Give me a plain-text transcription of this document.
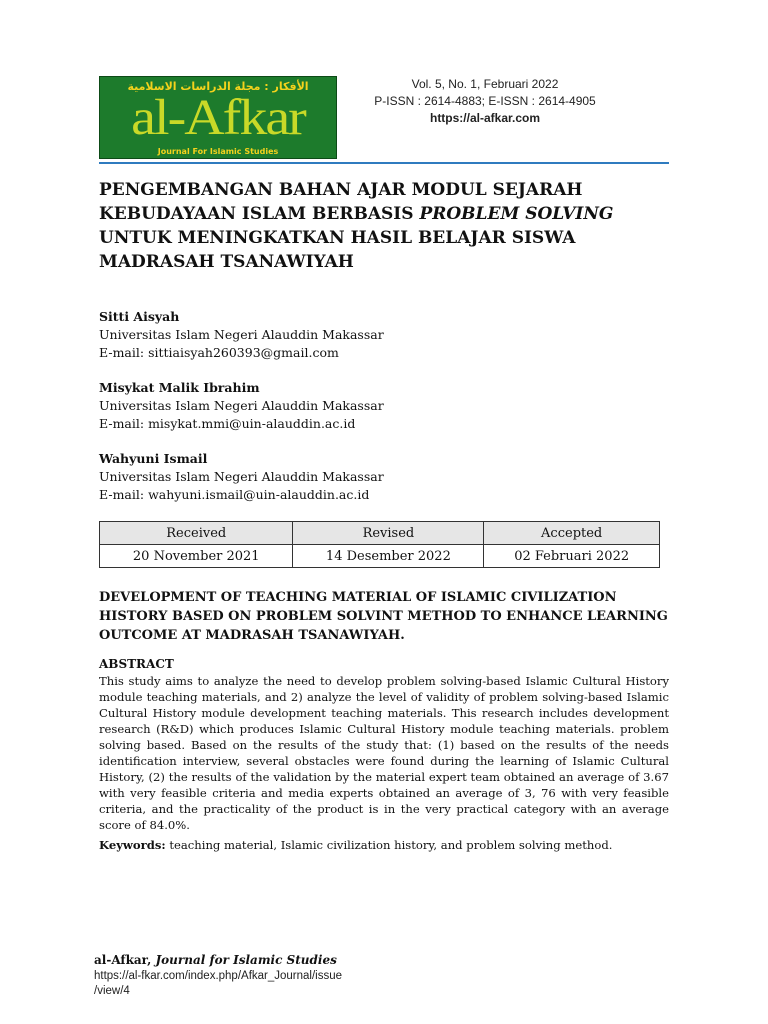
الأفكار : مجلة الدراسات الاسلامية
al-Afkar
Journal For Islamic Studies
Vol. 5, No. 1, Februari 2022
P-ISSN : 2614-4883; E-ISSN : 2614-4905
https://al-afkar.com
PENGEMBANGAN BAHAN AJAR MODUL SEJARAH KEBUDAYAAN ISLAM BERBASIS PROBLEM SOLVING UNTUK MENINGKATKAN HASIL BELAJAR SISWA MADRASAH TSANAWIYAH
Sitti Aisyah
Universitas Islam Negeri Alauddin Makassar
E-mail: sittiaisyah260393@gmail.com
Misykat Malik Ibrahim
Universitas Islam Negeri Alauddin Makassar
E-mail: misykat.mmi@uin-alauddin.ac.id
Wahyuni Ismail
Universitas Islam Negeri Alauddin Makassar
E-mail: wahyuni.ismail@uin-alauddin.ac.id
Received	Revised	Accepted
20 November 2021	14 Desember 2022	02 Februari 2022
DEVELOPMENT OF TEACHING MATERIAL OF ISLAMIC CIVILIZATION HISTORY BASED ON PROBLEM SOLVINT METHOD TO ENHANCE LEARNING OUTCOME AT MADRASAH TSANAWIYAH.
ABSTRACT

This study aims to analyze the need to develop problem solving-based Islamic Cultural History module teaching materials, and 2) analyze the level of validity of problem solving-based Islamic Cultural History module development teaching materials. This research includes development research (R&D) which produces Islamic Cultural History module teaching materials. problem solving based. Based on the results of the study that: (1) based on the results of the needs identification interview, several obstacles were found during the learning of Islamic Cultural History, (2) the results of the validation by the material expert team obtained an average of 3.67 with very feasible criteria and media experts obtained an average of 3, 76 with very feasible criteria, and the practicality of the product is in the very practical category with an average score of 84.0%.

Keywords: teaching material, Islamic civilization history, and problem solving method.
al-Afkar, Journal for Islamic Studies
https://al-fkar.com/index.php/Afkar_Journal/issue
/view/4
